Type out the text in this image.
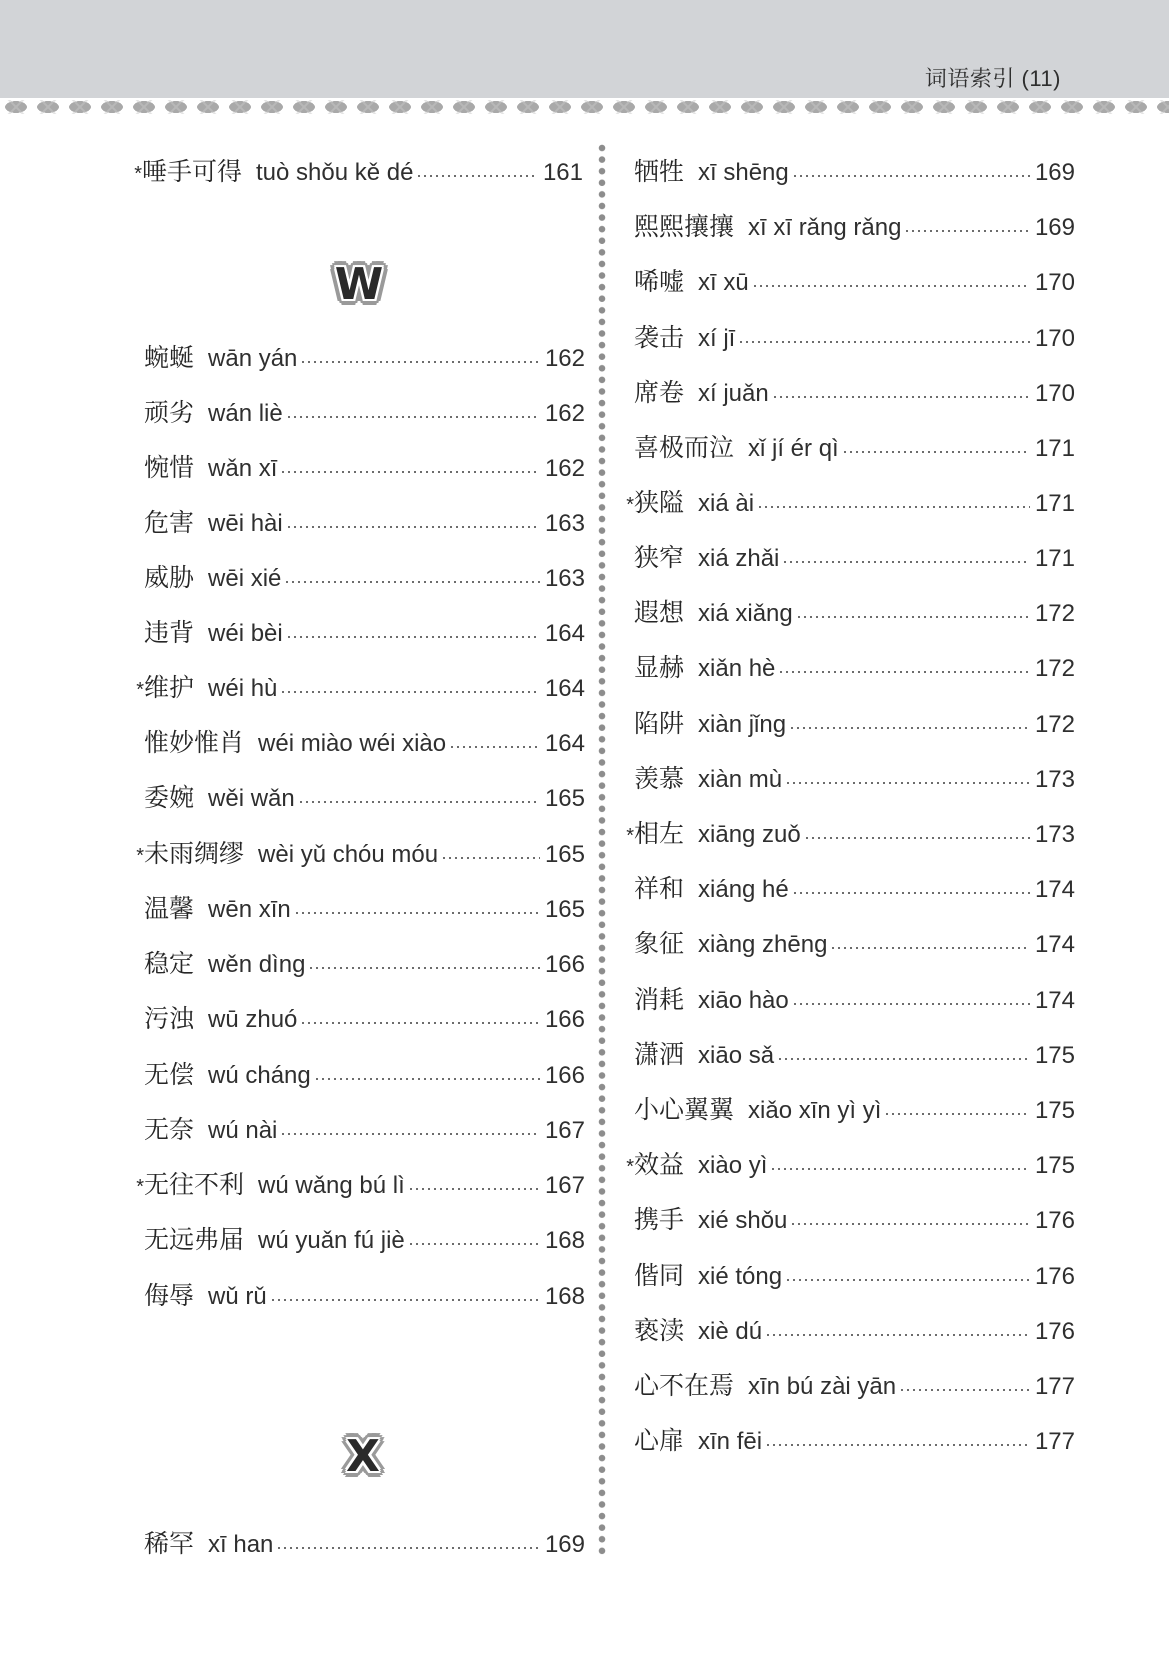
词语索引 (11)
* 唾手可得 tuò shǒu kě dé	161
W
蜿蜒 wān yán	162
顽劣 wán liè	162
惋惜 wǎn xī	162
危害 wēi hài	163
威胁 wēi xié	163
违背 wéi bèi	164
* 维护 wéi hù	164
惟妙惟肖 wéi miào wéi xiào	164
委婉 wěi wǎn	165
* 未雨绸缪 wèi yǔ chóu móu	165
温馨 wēn xīn	165
稳定 wěn dìng	166
污浊 wū zhuó	166
无偿 wú cháng	166
无奈 wú nài	167
* 无往不利 wú wǎng bú lì	167
无远弗届 wú yuǎn fú jiè	168
侮辱 wǔ rǔ	168
X
稀罕 xī han	169
牺牲 xī shēng	169
熙熙攘攘 xī xī rǎng rǎng	169
唏嘘 xī xū	170
袭击 xí jī	170
席卷 xí juǎn	170
喜极而泣 xǐ jí ér qì	171
* 狭隘 xiá ài	171
狭窄 xiá zhǎi	171
遐想 xiá xiǎng	172
显赫 xiǎn hè	172
陷阱 xiàn jǐng	172
羡慕 xiàn mù	173
* 相左 xiāng zuǒ	173
祥和 xiáng hé	174
象征 xiàng zhēng	174
消耗 xiāo hào	174
潇洒 xiāo sǎ	175
小心翼翼 xiǎo xīn yì yì	175
* 效益 xiào yì	175
携手 xié shǒu	176
偕同 xié tóng	176
亵渎 xiè dú	176
心不在焉 xīn bú zài yān	177
心扉 xīn fēi	177
